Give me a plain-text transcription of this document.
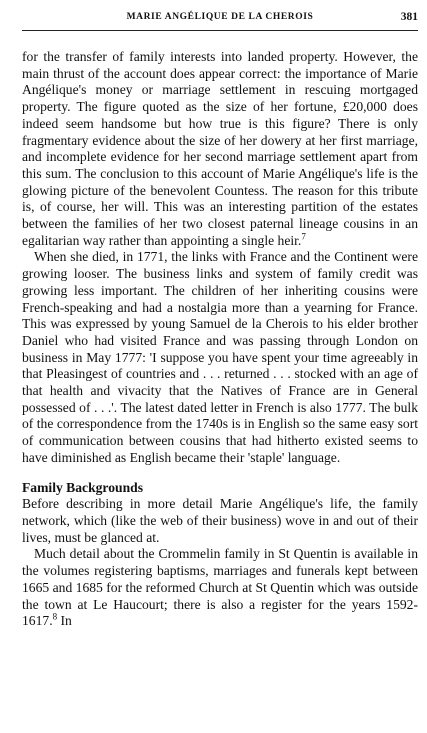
MARIE ANGÉLIQUE DE LA CHEROIS	381

for the transfer of family interests into landed property. However, the main thrust of the account does appear correct: the importance of Marie Angélique's money or marriage settlement in rescuing mortgaged property. The figure quoted as the size of her fortune, £20,000 does indeed seem handsome but how true is this figure? There is only fragmentary evidence about the size of her dowery at her first marriage, and incomplete evidence for her second marriage settlement apart from this sum. The conclusion to this account of Marie Angélique's life is the glowing picture of the benevolent Countess. The reason for this tribute is, of course, her will. This was an interesting partition of the estates between the families of her two closest paternal lineage cousins in an egalitarian way rather than appointing a single heir.$^7$

When she died, in 1771, the links with France and the Continent were growing looser. The business links and system of family credit was growing less important. The children of her inheriting cousins were French-speaking and had a nostalgia more than a yearning for France. This was expressed by young Samuel de la Cherois to his elder brother Daniel who had visited France and was passing through London on business in May 1777: 'I suppose you have spent your time agreeably in that Pleasingest of countries and . . . returned . . . stocked with an age of that health and vivacity that the Natives of France are in General possessed of . . .'. The latest dated letter in French is also 1777. The bulk of the correspondence from the 1740s is in English so the same easy sort of communication between cousins that had hitherto existed seems to have diminished as English became their 'staple' language.

Family Backgrounds

Before describing in more detail Marie Angélique's life, the family network, which (like the web of their business) wove in and out of their lives, must be glanced at.

Much detail about the Crommelin family in St Quentin is available in the volumes registering baptisms, marriages and funerals kept between 1665 and 1685 for the reformed Church at St Quentin which was outside the town at Le Haucourt; there is also a register for the years 1592-1617.$^8$ In
